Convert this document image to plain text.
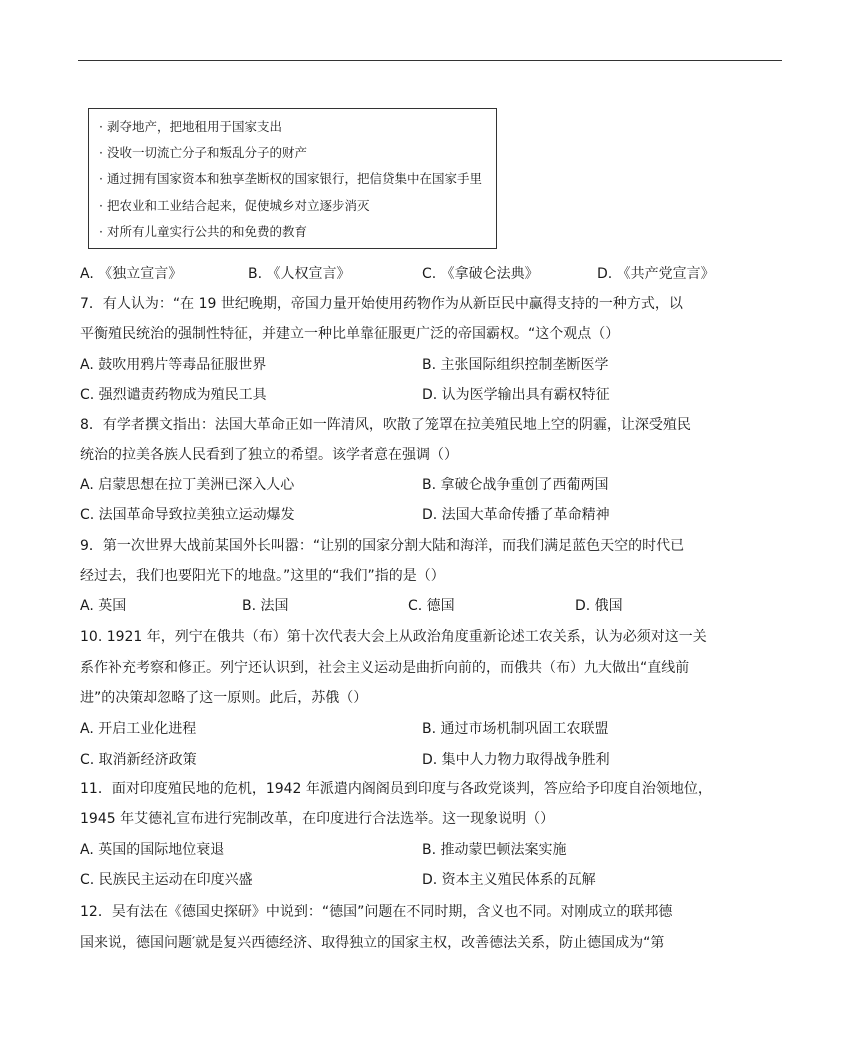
· 剥夺地产，把地租用于国家支出
· 没收一切流亡分子和叛乱分子的财产
· 通过拥有国家资本和独享垄断权的国家银行，把信贷集中在国家手里
· 把农业和工业结合起来，促使城乡对立逐步消灭
· 对所有儿童实行公共的和免费的教育
A. 《独立宣言》	B. 《人权宣言》	C. 《拿破仑法典》	D. 《共产党宣言》
7．有人认为：“在 19 世纪晚期，帝国力量开始使用药物作为从新臣民中赢得支持的一种方式，以
平衡殖民统治的强制性特征，并建立一种比单靠征服更广泛的帝国霸权。“这个观点（）
A. 鼓吹用鸦片等毒品征服世界	B. 主张国际组织控制垄断医学
C. 强烈谴责药物成为殖民工具	D. 认为医学输出具有霸权特征
8．有学者撰文指出：法国大革命正如一阵清风，吹散了笼罩在拉美殖民地上空的阴霾，让深受殖民
统治的拉美各族人民看到了独立的希望。该学者意在强调（）
A. 启蒙思想在拉丁美洲已深入人心	B. 拿破仑战争重创了西葡两国
C. 法国革命导致拉美独立运动爆发	D. 法国大革命传播了革命精神
9．第一次世界大战前某国外长叫嚣：“让别的国家分割大陆和海洋，而我们满足蓝色天空的时代已
经过去，我们也要阳光下的地盘。”这里的“我们”指的是（）
A. 英国	B. 法国	C. 德国	D. 俄国
10. 1921 年，列宁在俄共（布）第十次代表大会上从政治角度重新论述工农关系，认为必须对这一关
系作补充考察和修正。列宁还认识到，社会主义运动是曲折向前的，而俄共（布）九大做出“直线前
进”的决策却忽略了这一原则。此后，苏俄（）
A. 开启工业化进程	B. 通过市场机制巩固工农联盟
C. 取消新经济政策	D. 集中人力物力取得战争胜利
11．面对印度殖民地的危机，1942 年派遣内阁阁员到印度与各政党谈判，答应给予印度自治领地位，
1945 年艾德礼宣布进行宪制改革，在印度进行合法选举。这一现象说明（）
A. 英国的国际地位衰退	B. 推动蒙巴顿法案实施
C. 民族民主运动在印度兴盛	D. 资本主义殖民体系的瓦解
12．吴有法在《德国史探研》中说到：“德国”问题在不同时期，含义也不同。对刚成立的联邦德
国来说，德国问题′就是复兴西德经济、取得独立的国家主权，改善德法关系，防止德国成为“第
